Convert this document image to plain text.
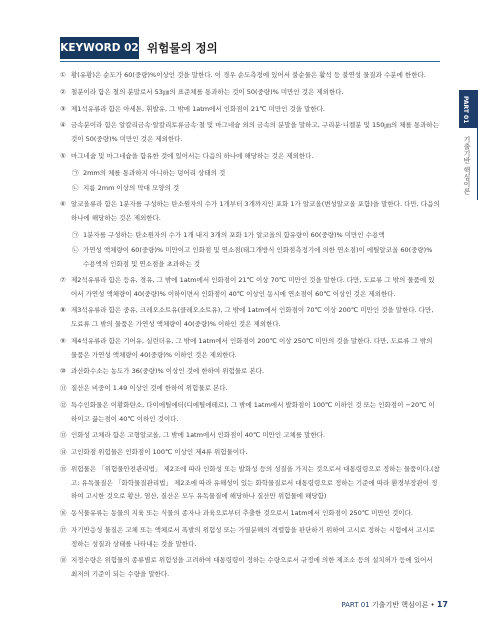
KEYWORD 02 위험물의 정의
PART 01
기출기반 핵심이론
① 황(유황)은 순도가 60(중량)%이상인 것을 말한다. 이 경우 순도측정에 있어서 불순물은 활석 등 불연성 물질과 수분에 한한다.
② 철분이라 함은 철의 분말로서 53㎛의 표준체를 통과하는 것이 50(중량)% 미만인 것은 제외한다.
③ 제1석유류라 함은 아세톤, 휘발유, 그 밖에 1atm에서 인화점이 21℃ 미만인 것을 말한다.
④ 금속분이라 함은 알칼리금속·알칼리토류금속·철 및 마그네슘 외의 금속의 분말을 말하고, 구리분·니켈분 및 150㎛의 체를 통과하는 것이 50(중량)% 미만인 것은 제외한다.
⑤ 마그네슘 및 마그네슘을 함유한 것에 있어서는 다음의 하나에 해당하는 것은 제외한다.
㉠ 2mm의 체를 통과하지 아니하는 덩어리 상태의 것
㉡ 지름 2mm 이상의 막대 모양의 것
⑥ 알코올류라 함은 1분자를 구성하는 탄소원자의 수가 1개부터 3개까지인 포화 1가 알코올(변성알코올 포함)을 말한다. 다만, 다음의 하나에 해당하는 것은 제외한다.
㉠ 1분자를 구성하는 탄소원자의 수가 1개 내지 3개의 포화 1가 알코올의 함유량이 60(중량)% 미만인 수용액
㉡ 가연성 액체량이 60(중량)% 미만이고 인화점 및 연소점(태그개방식 인화점측정기에 의한 연소점)이 에틸알코올 60(중량)% 수용액의 인화점 및 연소점을 초과하는 것
⑦ 제2석유류라 함은 등유, 경유, 그 밖에 1atm에서 인화점이 21℃ 이상 70℃ 미만인 것을 말한다. 다만, 도료류 그 밖의 물품에 있어서 가연성 액체량이 40(중량)% 이하이면서 인화점이 40℃ 이상인 동시에 연소점이 60℃ 이상인 것은 제외한다.
⑧ 제3석유류라 함은 중유, 크레오소트유(클레오소트유), 그 밖에 1atm에서 인화점이 70℃ 이상 200℃ 미만인 것을 말한다. 다만, 도료류 그 밖의 물품은 가연성 액체량이 40(중량)% 이하인 것은 제외한다.
⑨ 제4석유류라 함은 기어유, 실린더유, 그 밖에 1atm에서 인화점이 200℃ 이상 250℃ 미만의 것을 말한다. 다만, 도료류 그 밖의 물품은 가연성 액체량이 40(중량)% 이하인 것은 제외한다.
⑩ 과산화수소는 농도가 36(중량)% 이상인 것에 한하여 위험물로 본다.
⑪ 질산은 비중이 1.49 이상인 것에 한하여 위험물로 본다.
⑫ 특수인화물은 이황화탄소, 다이에틸에터(디에틸에테르), 그 밖에 1atm에서 발화점이 100℃ 이하인 것 또는 인화점이 −20℃ 이하이고 끓는점이 40℃ 이하인 것이다.
⑬ 인화성 고체라 함은 고형알코올, 그 밖에 1atm에서 인화점이 40℃ 미만인 고체를 말한다.
⑭ 고인화점 위험물은 인화점이 100℃ 이상인 제4류 위험물이다.
⑮ 위험물은 「위험물안전관리법」 제2조에 따라 인화성 또는 발화성 등의 성질을 가지는 것으로서 대통령령으로 정하는 물품이다.(참고: 유독물질은 「화학물질관리법」 제2조에 따라 유해성이 있는 화학물질로서 대통령령으로 정하는 기준에 따라 환경부장관이 정하여 고시한 것으로 황산, 염산, 질산은 모두 유독물질에 해당하나 질산만 위험물에 해당함)
⑯ 동식물유류는 동물의 지육 또는 식물의 종자나 과육으로부터 추출한 것으로서 1atm에서 인화점이 250℃ 미만인 것이다.
⑰ 자기반응성 물질은 고체 또는 액체로서 폭발의 위험성 또는 가열분해의 격렬함을 판단하기 위하여 고시로 정하는 시험에서 고시로 정하는 성질과 상태를 나타내는 것을 말한다.
⑱ 지정수량은 위험물의 종류별로 위험성을 고려하여 대통령령이 정하는 수량으로서 규정에 의한 제조소 등의 설치허가 등에 있어서 최저의 기준이 되는 수량을 말한다.
PART 01 기출기반 핵심이론 • 17
